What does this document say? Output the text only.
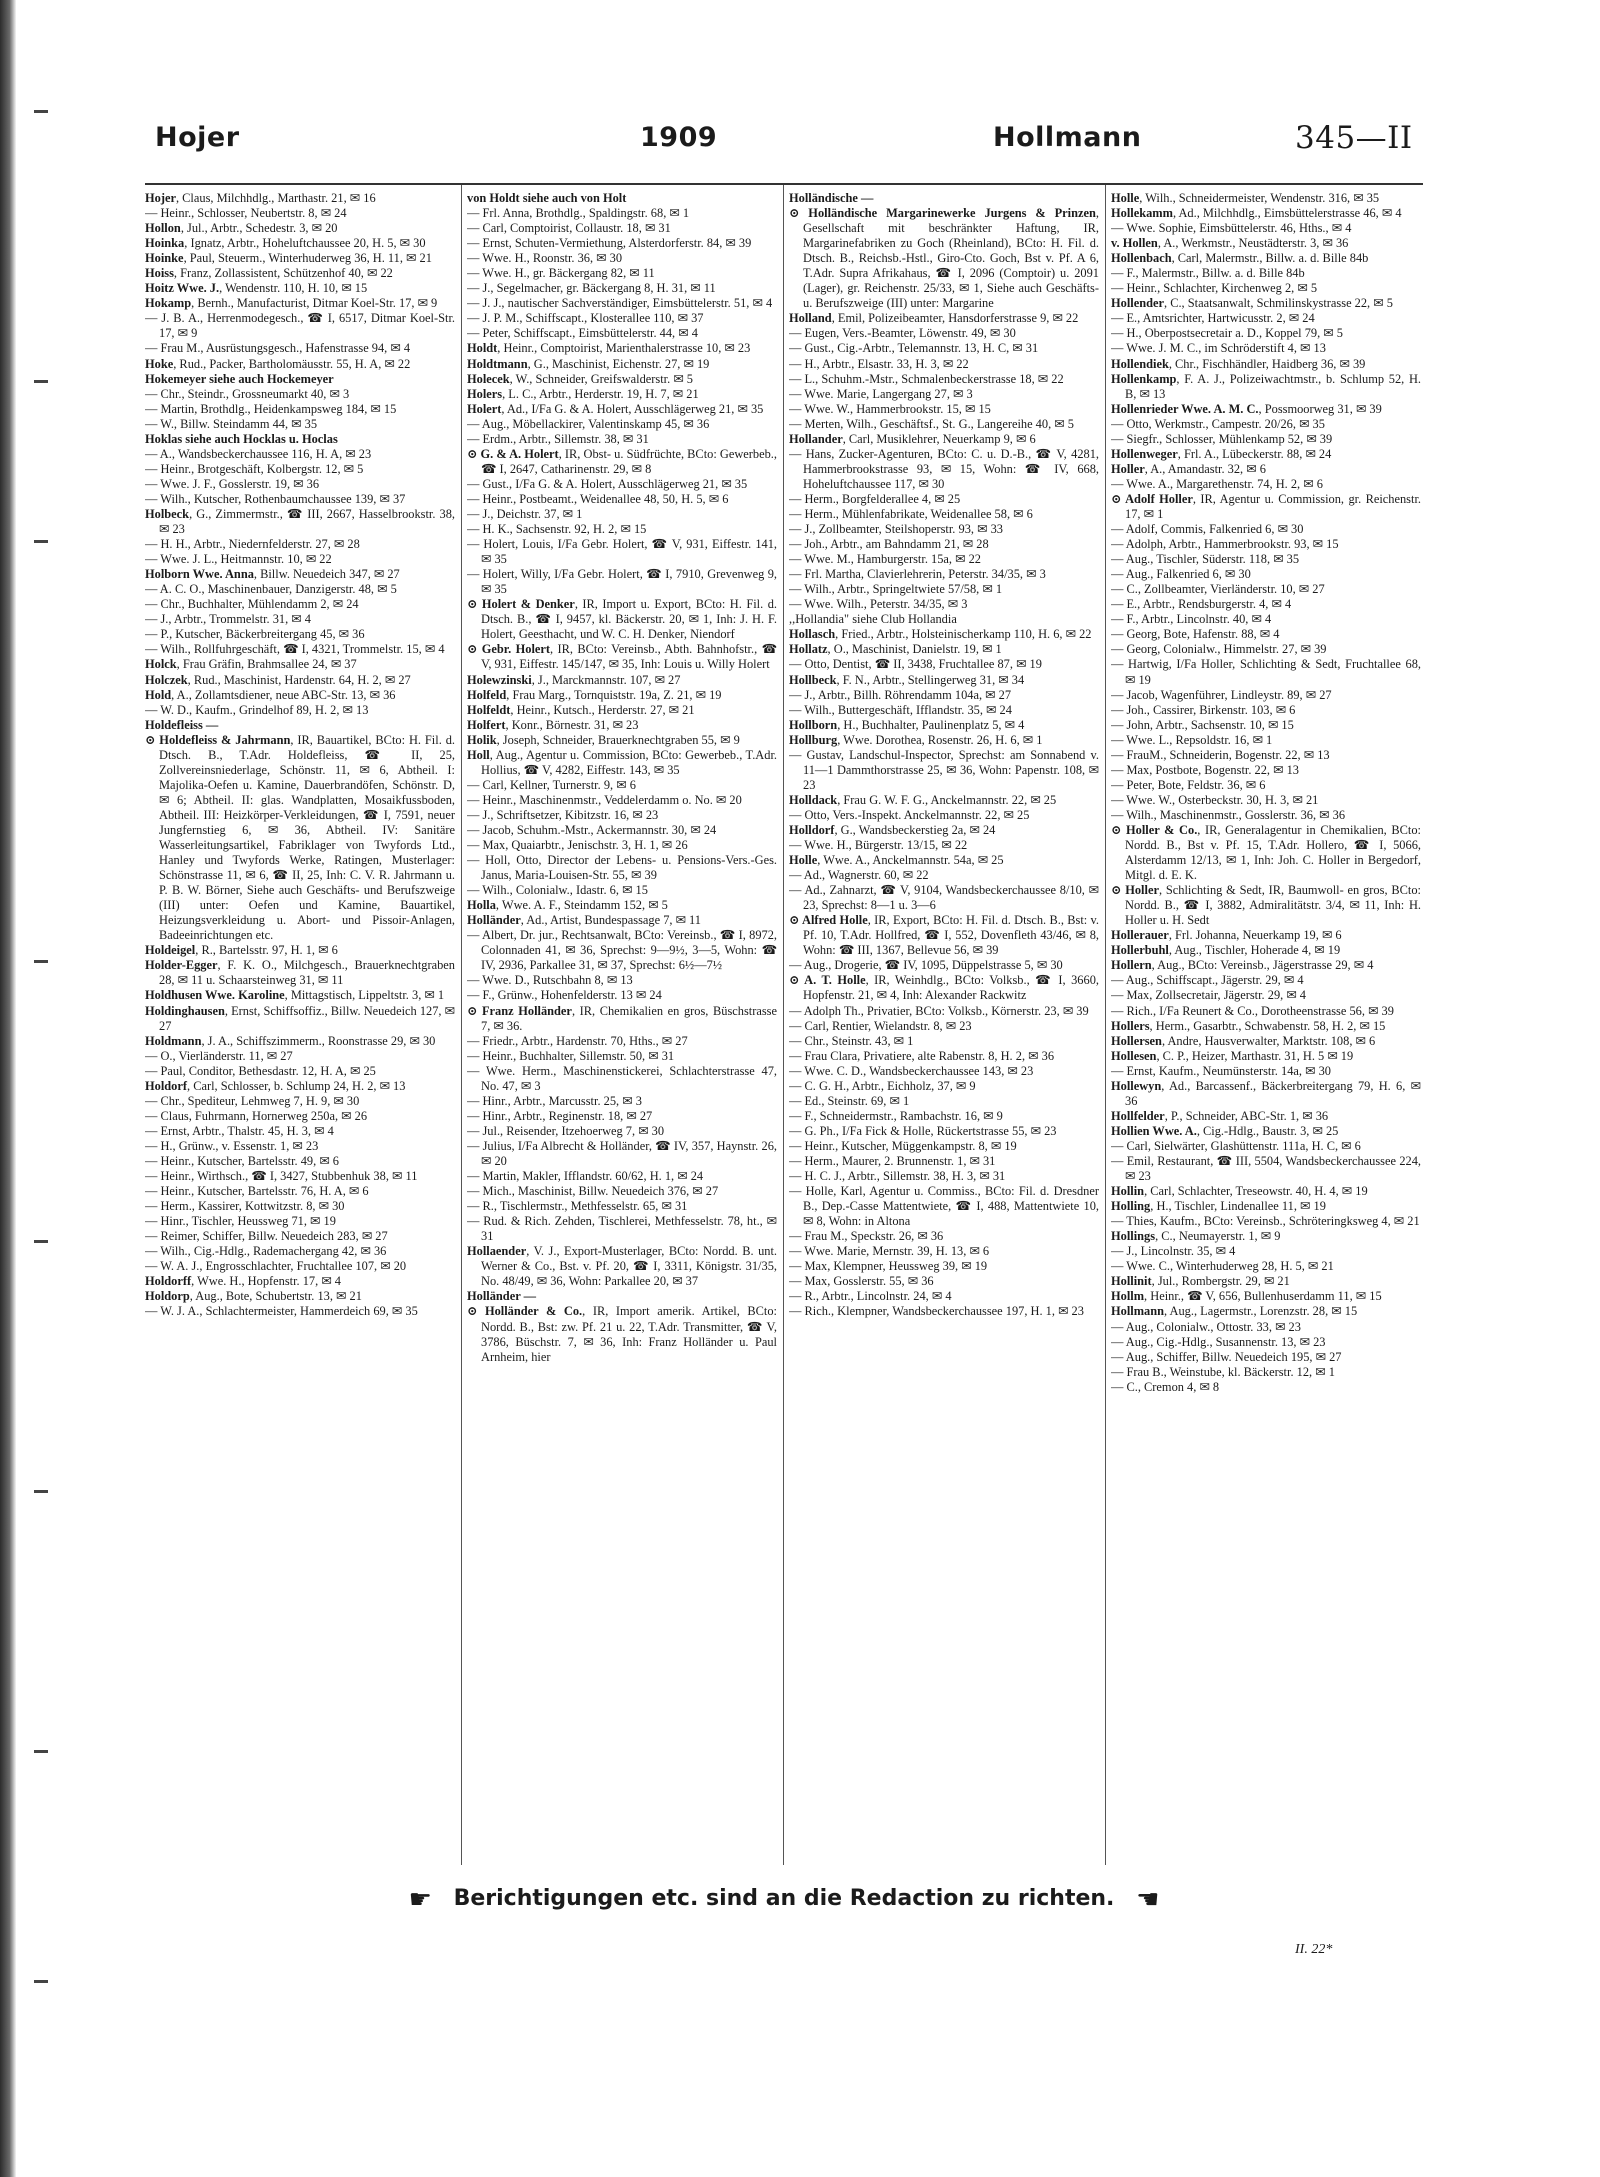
Hojer	1909	Hollmann	345—II

Hojer, Claus, Milchhdlg., Marthastr. 21, ✉ 16

— Heinr., Schlosser, Neubertstr. 8, ✉ 24

Hollon, Jul., Arbtr., Schedestr. 3, ✉ 20

Hoinka, Ignatz, Arbtr., Hoheluftchaussee 20, H. 5, ✉ 30

Hoinke, Paul, Steuerm., Winterhuderweg 36, H. 11, ✉ 21

Hoiss, Franz, Zollassistent, Schützenhof 40, ✉ 22

Hoitz Wwe. J., Wendenstr. 110, H. 10, ✉ 15

Hokamp, Bernh., Manufacturist, Ditmar Koel-Str. 17, ✉ 9

— J. B. A., Herrenmodegesch., ☎ I, 6517, Ditmar Koel-Str. 17, ✉ 9

— Frau M., Ausrüstungsgesch., Hafenstrasse 94, ✉ 4

Hoke, Rud., Packer, Bartholomäusstr. 55, H. A, ✉ 22

Hokemeyer siehe auch Hockemeyer

— Chr., Steindr., Grossneumarkt 40, ✉ 3

— Martin, Brothdlg., Heidenkampsweg 184, ✉ 15

— W., Billw. Steindamm 44, ✉ 35

Hoklas siehe auch Hocklas u. Hoclas

— A., Wandsbeckerchaussee 116, H. A, ✉ 23

— Heinr., Brotgeschäft, Kolbergstr. 12, ✉ 5

— Wwe. J. F., Gosslerstr. 19, ✉ 36

— Wilh., Kutscher, Rothenbaumchaussee 139, ✉ 37

Holbeck, G., Zimmermstr., ☎ III, 2667, Hasselbrookstr. 38, ✉ 23

— H. H., Arbtr., Niedernfelderstr. 27, ✉ 28

— Wwe. J. L., Heitmannstr. 10, ✉ 22

Holborn Wwe. Anna, Billw. Neuedeich 347, ✉ 27

— A. C. O., Maschinenbauer, Danzigerstr. 48, ✉ 5

— Chr., Buchhalter, Mühlendamm 2, ✉ 24

— J., Arbtr., Trommelstr. 31, ✉ 4

— P., Kutscher, Bäckerbreitergang 45, ✉ 36

— Wilh., Rollfuhrgeschäft, ☎ I, 4321, Trommelstr. 15, ✉ 4

Holck, Frau Gräfin, Brahmsallee 24, ✉ 37

Holczek, Rud., Maschinist, Hardenstr. 64, H. 2, ✉ 27

Hold, A., Zollamtsdiener, neue ABC-Str. 13, ✉ 36

— W. D., Kaufm., Grindelhof 89, H. 2, ✉ 13

Holdefleiss —

⊙ Holdefleiss & Jahrmann, IR, Bauartikel, BCto: H. Fil. d. Dtsch. B., T.Adr. Holdefleiss, ☎ II, 25, Zollvereinsniederlage, Schönstr. 11, ✉ 6, Abtheil. I: Majolika-Oefen u. Kamine, Dauerbrandöfen, Schönstr. D, ✉ 6; Abtheil. II: glas. Wandplatten, Mosaikfussboden, Abtheil. III: Heizkörper-Verkleidungen, ☎ I, 7591, neuer Jungfernstieg 6, ✉ 36, Abtheil. IV: Sanitäre Wasserleitungsartikel, Fabriklager von Twyfords Ltd., Hanley und Twyfords Werke, Ratingen, Musterlager: Schönstrasse 11, ✉ 6, ☎ II, 25, Inh: C. V. R. Jahrmann u. P. B. W. Börner, Siehe auch Geschäfts- und Berufszweige (III) unter: Oefen und Kamine, Bauartikel, Heizungsverkleidung u. Abort- und Pissoir-Anlagen, Badeeinrichtungen etc.

Holdeigel, R., Bartelsstr. 97, H. 1, ✉ 6

Holder-Egger, F. K. O., Milchgesch., Brauerknechtgraben 28, ✉ 11 u. Schaarsteinweg 31, ✉ 11

Holdhusen Wwe. Karoline, Mittagstisch, Lippeltstr. 3, ✉ 1

Holdinghausen, Ernst, Schiffsoffiz., Billw. Neuedeich 127, ✉ 27

Holdmann, J. A., Schiffszimmerm., Roonstrasse 29, ✉ 30

— O., Vierländerstr. 11, ✉ 27

— Paul, Conditor, Bethesdastr. 12, H. A, ✉ 25

Holdorf, Carl, Schlosser, b. Schlump 24, H. 2, ✉ 13

— Chr., Spediteur, Lehmweg 7, H. 9, ✉ 30

— Claus, Fuhrmann, Hornerweg 250a, ✉ 26

— Ernst, Arbtr., Thalstr. 45, H. 3, ✉ 4

— H., Grünw., v. Essenstr. 1, ✉ 23

— Heinr., Kutscher, Bartelsstr. 49, ✉ 6

— Heinr., Wirthsch., ☎ I, 3427, Stubbenhuk 38, ✉ 11

— Heinr., Kutscher, Bartelsstr. 76, H. A, ✉ 6

— Herm., Kassirer, Kottwitzstr. 8, ✉ 30

— Hinr., Tischler, Heussweg 71, ✉ 19

— Reimer, Schiffer, Billw. Neuedeich 283, ✉ 27

— Wilh., Cig.-Hdlg., Rademachergang 42, ✉ 36

— W. A. J., Engrosschlachter, Fruchtallee 107, ✉ 20

Holdorff, Wwe. H., Hopfenstr. 17, ✉ 4

Holdorp, Aug., Bote, Schubertstr. 13, ✉ 21

— W. J. A., Schlachtermeister, Hammerdeich 69, ✉ 35

von Holdt siehe auch von Holt

— Frl. Anna, Brothdlg., Spaldingstr. 68, ✉ 1

— Carl, Comptoirist, Collaustr. 18, ✉ 31

— Ernst, Schuten-Vermiethung, Alsterdorferstr. 84, ✉ 39

— Wwe. H., Roonstr. 36, ✉ 30

— Wwe. H., gr. Bäckergang 82, ✉ 11

— J., Segelmacher, gr. Bäckergang 8, H. 31, ✉ 11

— J. J., nautischer Sachverständiger, Eimsbüttelerstr. 51, ✉ 4

— J. P. M., Schiffscapt., Klosterallee 110, ✉ 37

— Peter, Schiffscapt., Eimsbüttelerstr. 44, ✉ 4

Holdt, Heinr., Comptoirist, Marienthalerstrasse 10, ✉ 23

Holdtmann, G., Maschinist, Eichenstr. 27, ✉ 19

Holecek, W., Schneider, Greifswalderstr. ✉ 5

Holers, L. C., Arbtr., Herderstr. 19, H. 7, ✉ 21

Holert, Ad., I/Fa G. & A. Holert, Ausschlägerweg 21, ✉ 35

— Aug., Möbellackirer, Valentinskamp 45, ✉ 36

— Erdm., Arbtr., Sillemstr. 38, ✉ 31

⊙ G. & A. Holert, IR, Obst- u. Südfrüchte, BCto: Gewerbeb., ☎ I, 2647, Catharinenstr. 29, ✉ 8

— Gust., I/Fa G. & A. Holert, Ausschlägerweg 21, ✉ 35

— Heinr., Postbeamt., Weidenallee 48, 50, H. 5, ✉ 6

— J., Deichstr. 37, ✉ 1

— H. K., Sachsenstr. 92, H. 2, ✉ 15

— Holert, Louis, I/Fa Gebr. Holert, ☎ V, 931, Eiffestr. 141, ✉ 35

— Holert, Willy, I/Fa Gebr. Holert, ☎ I, 7910, Grevenweg 9, ✉ 35

⊙ Holert & Denker, IR, Import u. Export, BCto: H. Fil. d. Dtsch. B., ☎ I, 9457, kl. Bäckerstr. 20, ✉ 1, Inh: J. H. F. Holert, Geesthacht, und W. C. H. Denker, Niendorf

⊙ Gebr. Holert, IR, BCto: Vereinsb., Abth. Bahnhofstr., ☎ V, 931, Eiffestr. 145/147, ✉ 35, Inh: Louis u. Willy Holert

Holewzinski, J., Marckmannstr. 107, ✉ 27

Holfeld, Frau Marg., Tornquiststr. 19a, Z. 21, ✉ 19

Holfeldt, Heinr., Kutsch., Herderstr. 27, ✉ 21

Holfert, Konr., Börnestr. 31, ✉ 23

Holik, Joseph, Schneider, Brauerknechtgraben 55, ✉ 9

Holl, Aug., Agentur u. Commission, BCto: Gewerbeb., T.Adr. Hollius, ☎ V, 4282, Eiffestr. 143, ✉ 35

— Carl, Kellner, Turnerstr. 9, ✉ 6

— Heinr., Maschinenmstr., Veddelerdamm o. No. ✉ 20

— J., Schriftsetzer, Kibitzstr. 16, ✉ 23

— Jacob, Schuhm.-Mstr., Ackermannstr. 30, ✉ 24

— Max, Quaiarbtr., Jenischstr. 3, H. 1, ✉ 26

— Holl, Otto, Director der Lebens- u. Pensions-Vers.-Ges. Janus, Maria-Louisen-Str. 55, ✉ 39

— Wilh., Colonialw., Idastr. 6, ✉ 15

Holla, Wwe. A. F., Steindamm 152, ✉ 5

Holländer, Ad., Artist, Bundespassage 7, ✉ 11

— Albert, Dr. jur., Rechtsanwalt, BCto: Vereinsb., ☎ I, 8972, Colonnaden 41, ✉ 36, Sprechst: 9—9½, 3—5, Wohn: ☎ IV, 2936, Parkallee 31, ✉ 37, Sprechst: 6½—7½

— Wwe. D., Rutschbahn 8, ✉ 13

— F., Grünw., Hohenfelderstr. 13 ✉ 24

⊙ Franz Holländer, IR, Chemikalien en gros, Büschstrasse 7, ✉ 36.

— Friedr., Arbtr., Hardenstr. 70, Hths., ✉ 27

— Heinr., Buchhalter, Sillemstr. 50, ✉ 31

— Wwe. Herm., Maschinenstickerei, Schlachterstrasse 47, No. 47, ✉ 3

— Hinr., Arbtr., Marcusstr. 25, ✉ 3

— Hinr., Arbtr., Reginenstr. 18, ✉ 27

— Jul., Reisender, Itzehoerweg 7, ✉ 30

— Julius, I/Fa Albrecht & Holländer, ☎ IV, 357, Haynstr. 26, ✉ 20

— Martin, Makler, Ifflandstr. 60/62, H. 1, ✉ 24

— Mich., Maschinist, Billw. Neuedeich 376, ✉ 27

— R., Tischlermstr., Methfesselstr. 65, ✉ 31

— Rud. & Rich. Zehden, Tischlerei, Methfesselstr. 78, ht., ✉ 31

Hollaender, V. J., Export-Musterlager, BCto: Nordd. B. unt. Werner & Co., Bst. v. Pf. 20, ☎ I, 3311, Königstr. 31/35, No. 48/49, ✉ 36, Wohn: Parkallee 20, ✉ 37

Holländer —

⊙ Holländer & Co., IR, Import amerik. Artikel, BCto: Nordd. B., Bst: zw. Pf. 21 u. 22, T.Adr. Transmitter, ☎ V, 3786, Büschstr. 7, ✉ 36, Inh: Franz Holländer u. Paul Arnheim, hier

Holländische —

⊙ Holländische Margarinewerke Jurgens & Prinzen, Gesellschaft mit beschränkter Haftung, IR, Margarinefabriken zu Goch (Rheinland), BCto: H. Fil. d. Dtsch. B., Reichsb.-Hstl., Giro-Cto. Goch, Bst v. Pf. A 6, T.Adr. Supra Afrikahaus, ☎ I, 2096 (Comptoir) u. 2091 (Lager), gr. Reichenstr. 25/33, ✉ 1, Siehe auch Geschäfts- u. Berufszweige (III) unter: Margarine

Holland, Emil, Polizeibeamter, Hansdorferstrasse 9, ✉ 22

— Eugen, Vers.-Beamter, Löwenstr. 49, ✉ 30

— Gust., Cig.-Arbtr., Telemannstr. 13, H. C, ✉ 31

— H., Arbtr., Elsastr. 33, H. 3, ✉ 22

— L., Schuhm.-Mstr., Schmalenbeckerstrasse 18, ✉ 22

— Wwe. Marie, Langergang 27, ✉ 3

— Wwe. W., Hammerbrookstr. 15, ✉ 15

— Merten, Wilh., Geschäftsf., St. G., Langereihe 40, ✉ 5

Hollander, Carl, Musiklehrer, Neuerkamp 9, ✉ 6

— Hans, Zucker-Agenturen, BCto: C. u. D.-B., ☎ V, 4281, Hammerbrookstrasse 93, ✉ 15, Wohn: ☎ IV, 668, Hoheluftchaussee 117, ✉ 30

— Herm., Borgfelderallee 4, ✉ 25

— Herm., Mühlenfabrikate, Weidenallee 58, ✉ 6

— J., Zollbeamter, Steilshoperstr. 93, ✉ 33

— Joh., Arbtr., am Bahndamm 21, ✉ 28

— Wwe. M., Hamburgerstr. 15a, ✉ 22

— Frl. Martha, Clavierlehrerin, Peterstr. 34/35, ✉ 3

— Wilh., Arbtr., Springeltwiete 57/58, ✉ 1

— Wwe. Wilh., Peterstr. 34/35, ✉ 3

,,Hollandia" siehe Club Hollandia

Hollasch, Fried., Arbtr., Holsteinischerkamp 110, H. 6, ✉ 22

Hollatz, O., Maschinist, Danielstr. 19, ✉ 1

— Otto, Dentist, ☎ II, 3438, Fruchtallee 87, ✉ 19

Hollbeck, F. N., Arbtr., Stellingerweg 31, ✉ 34

— J., Arbtr., Billh. Röhrendamm 104a, ✉ 27

— Wilh., Buttergeschäft, Ifflandstr. 35, ✉ 24

Hollborn, H., Buchhalter, Paulinenplatz 5, ✉ 4

Hollburg, Wwe. Dorothea, Rosenstr. 26, H. 6, ✉ 1

— Gustav, Landschul-Inspector, Sprechst: am Sonnabend v. 11—1 Dammthorstrasse 25, ✉ 36, Wohn: Papenstr. 108, ✉ 23

Holldack, Frau G. W. F. G., Anckelmannstr. 22, ✉ 25

— Otto, Vers.-Inspekt. Anckelmannstr. 22, ✉ 25

Holldorf, G., Wandsbeckerstieg 2a, ✉ 24

— Wwe. H., Bürgerstr. 13/15, ✉ 22

Holle, Wwe. A., Anckelmannstr. 54a, ✉ 25

— Ad., Wagnerstr. 60, ✉ 22

— Ad., Zahnarzt, ☎ V, 9104, Wandsbeckerchaussee 8/10, ✉ 23, Sprechst: 8—1 u. 3—6

⊙ Alfred Holle, IR, Export, BCto: H. Fil. d. Dtsch. B., Bst: v. Pf. 10, T.Adr. Hollfred, ☎ I, 552, Dovenfleth 43/46, ✉ 8, Wohn: ☎ III, 1367, Bellevue 56, ✉ 39

— Aug., Drogerie, ☎ IV, 1095, Düppelstrasse 5, ✉ 30

⊙ A. T. Holle, IR, Weinhdlg., BCto: Volksb., ☎ I, 3660, Hopfenstr. 21, ✉ 4, Inh: Alexander Rackwitz

— Adolph Th., Privatier, BCto: Volksb., Körnerstr. 23, ✉ 39

— Carl, Rentier, Wielandstr. 8, ✉ 23

— Chr., Steinstr. 43, ✉ 1

— Frau Clara, Privatiere, alte Rabenstr. 8, H. 2, ✉ 36

— Wwe. C. D., Wandsbeckerchaussee 143, ✉ 23

— C. G. H., Arbtr., Eichholz, 37, ✉ 9

— Ed., Steinstr. 69, ✉ 1

— F., Schneidermstr., Rambachstr. 16, ✉ 9

— G. Ph., I/Fa Fick & Holle, Rückertstrasse 55, ✉ 23

— Heinr., Kutscher, Müggenkampstr. 8, ✉ 19

— Herm., Maurer, 2. Brunnenstr. 1, ✉ 31

— H. C. J., Arbtr., Sillemstr. 38, H. 3, ✉ 31

— Holle, Karl, Agentur u. Commiss., BCto: Fil. d. Dresdner B., Dep.-Casse Mattentwiete, ☎ I, 488, Mattentwiete 10, ✉ 8, Wohn: in Altona

— Frau M., Speckstr. 26, ✉ 36

— Wwe. Marie, Mernstr. 39, H. 13, ✉ 6

— Max, Klempner, Heussweg 39, ✉ 19

— Max, Gosslerstr. 55, ✉ 36

— R., Arbtr., Lincolnstr. 24, ✉ 4

— Rich., Klempner, Wandsbeckerchaussee 197, H. 1, ✉ 23

Holle, Wilh., Schneidermeister, Wendenstr. 316, ✉ 35

Hollekamm, Ad., Milchhdlg., Eimsbüttelerstrasse 46, ✉ 4

— Wwe. Sophie, Eimsbüttelerstr. 46, Hths., ✉ 4

v. Hollen, A., Werkmstr., Neustädterstr. 3, ✉ 36

Hollenbach, Carl, Malermstr., Billw. a. d. Bille 84b

— F., Malermstr., Billw. a. d. Bille 84b

— Heinr., Schlachter, Kirchenweg 2, ✉ 5

Hollender, C., Staatsanwalt, Schmilinskystrasse 22, ✉ 5

— E., Amtsrichter, Hartwicusstr. 2, ✉ 24

— H., Oberpostsecretair a. D., Koppel 79, ✉ 5

— Wwe. J. M. C., im Schröderstift 4, ✉ 13

Hollendiek, Chr., Fischhändler, Haidberg 36, ✉ 39

Hollenkamp, F. A. J., Polizeiwachtmstr., b. Schlump 52, H. B, ✉ 13

Hollenrieder Wwe. A. M. C., Possmoorweg 31, ✉ 39

— Otto, Werkmstr., Campestr. 20/26, ✉ 35

— Siegfr., Schlosser, Mühlenkamp 52, ✉ 39

Hollenweger, Frl. A., Lübeckerstr. 88, ✉ 24

Holler, A., Amandastr. 32, ✉ 6

— Wwe. A., Margarethenstr. 74, H. 2, ✉ 6

⊙ Adolf Holler, IR, Agentur u. Commission, gr. Reichenstr. 17, ✉ 1

— Adolf, Commis, Falkenried 6, ✉ 30

— Adolph, Arbtr., Hammerbrookstr. 93, ✉ 15

— Aug., Tischler, Süderstr. 118, ✉ 35

— Aug., Falkenried 6, ✉ 30

— C., Zollbeamter, Vierländerstr. 10, ✉ 27

— E., Arbtr., Rendsburgerstr. 4, ✉ 4

— F., Arbtr., Lincolnstr. 40, ✉ 4

— Georg, Bote, Hafenstr. 88, ✉ 4

— Georg, Colonialw., Himmelstr. 27, ✉ 39

— Hartwig, I/Fa Holler, Schlichting & Sedt, Fruchtallee 68, ✉ 19

— Jacob, Wagenführer, Lindleystr. 89, ✉ 27

— Joh., Cassirer, Birkenstr. 103, ✉ 6

— John, Arbtr., Sachsenstr. 10, ✉ 15

— Wwe. L., Repsoldstr. 16, ✉ 1

— FrauM., Schneiderin, Bogenstr. 22, ✉ 13

— Max, Postbote, Bogenstr. 22, ✉ 13

— Peter, Bote, Feldstr. 36, ✉ 6

— Wwe. W., Osterbeckstr. 30, H. 3, ✉ 21

— Wilh., Maschinenmstr., Gosslerstr. 36, ✉ 36

⊙ Holler & Co., IR, Generalagentur in Chemikalien, BCto: Nordd. B., Bst v. Pf. 15, T.Adr. Hollero, ☎ I, 5066, Alsterdamm 12/13, ✉ 1, Inh: Joh. C. Holler in Bergedorf, Mitgl. d. E. K.

⊙ Holler, Schlichting & Sedt, IR, Baumwoll- en gros, BCto: Nordd. B., ☎ I, 3882, Admiralitätstr. 3/4, ✉ 11, Inh: H. Holler u. H. Sedt

Hollerauer, Frl. Johanna, Neuerkamp 19, ✉ 6

Hollerbuhl, Aug., Tischler, Hoherade 4, ✉ 19

Hollern, Aug., BCto: Vereinsb., Jägerstrasse 29, ✉ 4

— Aug., Schiffscapt., Jägerstr. 29, ✉ 4

— Max, Zollsecretair, Jägerstr. 29, ✉ 4

— Rich., I/Fa Reunert & Co., Dorotheenstrasse 56, ✉ 39

Hollers, Herm., Gasarbtr., Schwabenstr. 58, H. 2, ✉ 15

Hollersen, Andre, Hausverwalter, Marktstr. 108, ✉ 6

Hollesen, C. P., Heizer, Marthastr. 31, H. 5 ✉ 19

— Ernst, Kaufm., Neumünsterstr. 14a, ✉ 30

Hollewyn, Ad., Barcassenf., Bäckerbreitergang 79, H. 6, ✉ 36

Hollfelder, P., Schneider, ABC-Str. 1, ✉ 36

Hollien Wwe. A., Cig.-Hdlg., Baustr. 3, ✉ 25

— Carl, Sielwärter, Glashüttenstr. 111a, H. C, ✉ 6

— Emil, Restaurant, ☎ III, 5504, Wandsbeckerchaussee 224, ✉ 23

Hollin, Carl, Schlachter, Treseowstr. 40, H. 4, ✉ 19

Holling, H., Tischler, Lindenallee 11, ✉ 19

— Thies, Kaufm., BCto: Vereinsb., Schröteringksweg 4, ✉ 21

Hollings, C., Neumayerstr. 1, ✉ 9

— J., Lincolnstr. 35, ✉ 4

— Wwe. C., Winterhuderweg 28, H. 5, ✉ 21

Hollinit, Jul., Rombergstr. 29, ✉ 21

Hollm, Heinr., ☎ V, 656, Bullenhuserdamm 11, ✉ 15

Hollmann, Aug., Lagermstr., Lorenzstr. 28, ✉ 15

— Aug., Colonialw., Ottostr. 33, ✉ 23

— Aug., Cig.-Hdlg., Susannenstr. 13, ✉ 23

— Aug., Schiffer, Billw. Neuedeich 195, ✉ 27

— Frau B., Weinstube, kl. Bäckerstr. 12, ✉ 1

— C., Cremon 4, ✉ 8

☛ Berichtigungen etc. sind an die Redaction zu richten. ☚
II. 22*
